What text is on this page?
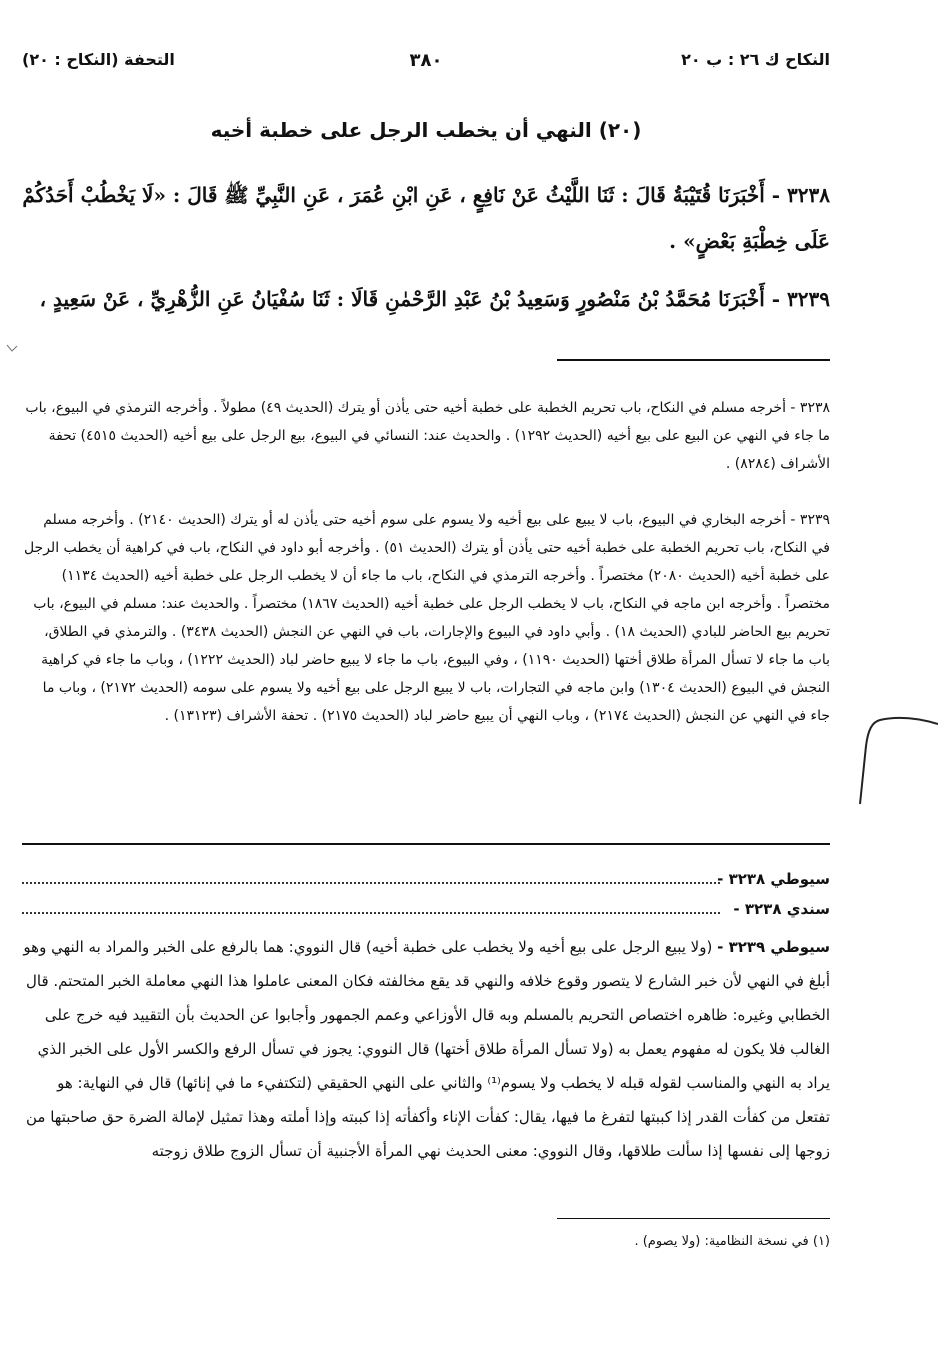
النكاح ك ٢٦ : ب ٢٠
٣٨٠
التحفة (النكاح : ٢٠)
(٢٠) النهي أن يخطب الرجل على خطبة أخيه
٣٢٣٨ - أَخْبَرَنَا قُتَيْبَةُ قَالَ : ثَنَا اللَّيْثُ عَنْ نَافِعٍ ، عَنِ ابْنِ عُمَرَ ، عَنِ النَّبِيِّ ﷺ قَالَ : «لَا يَخْطُبْ أَحَدُكُمْ عَلَى خِطْبَةِ بَعْضٍ» .
٣٢٣٩ - أَخْبَرَنَا مُحَمَّدُ بْنُ مَنْصُورٍ وَسَعِيدُ بْنُ عَبْدِ الرَّحْمٰنِ قَالَا : ثَنَا سُفْيَانُ عَنِ الزُّهْرِيِّ ، عَنْ سَعِيدٍ ،
٣٢٣٨ - أخرجه مسلم في النكاح، باب تحريم الخطبة على خطبة أخيه حتى يأذن أو يترك (الحديث ٤٩) مطولاً . وأخرجه الترمذي في البيوع، باب ما جاء في النهي عن البيع على بيع أخيه (الحديث ١٢٩٢) . والحديث عند: النسائي في البيوع، بيع الرجل على بيع أخيه (الحديث ٤٥١٥) تحفة الأشراف (٨٢٨٤) .
٣٢٣٩ - أخرجه البخاري في البيوع، باب لا يبيع على بيع أخيه ولا يسوم على سوم أخيه حتى يأذن له أو يترك (الحديث ٢١٤٠) . وأخرجه مسلم في النكاح، باب تحريم الخطبة على خطبة أخيه حتى يأذن أو يترك (الحديث ٥١) . وأخرجه أبو داود في النكاح، باب في كراهية أن يخطب الرجل على خطبة أخيه (الحديث ٢٠٨٠) مختصراً . وأخرجه الترمذي في النكاح، باب ما جاء أن لا يخطب الرجل على خطبة أخيه (الحديث ١١٣٤) مختصراً . وأخرجه ابن ماجه في النكاح، باب لا يخطب الرجل على خطبة أخيه (الحديث ١٨٦٧) مختصراً . والحديث عند: مسلم في البيوع، باب تحريم بيع الحاضر للبادي (الحديث ١٨) . وأبي داود في البيوع والإجارات، باب في النهي عن النجش (الحديث ٣٤٣٨) . والترمذي في الطلاق، باب ما جاء لا تسأل المرأة طلاق أختها (الحديث ١١٩٠) ، وفي البيوع، باب ما جاء لا يبيع حاضر لباد (الحديث ١٢٢٢) ، وباب ما جاء في كراهية النجش في البيوع (الحديث ١٣٠٤) وابن ماجه في التجارات، باب لا يبيع الرجل على بيع أخيه ولا يسوم على سومه (الحديث ٢١٧٢) ، وباب ما جاء في النهي عن النجش (الحديث ٢١٧٤) ، وباب النهي أن يبيع حاضر لباد (الحديث ٢١٧٥) . تحفة الأشراف (١٣١٢٣) .
سيوطي ٣٢٣٨ -
سندي ٣٢٣٨ -
سيوطي ٣٢٣٩ - (ولا يبيع الرجل على بيع أخيه ولا يخطب على خطبة أخيه) قال النووي: هما بالرفع على الخبر والمراد به النهي وهو أبلغ في النهي لأن خبر الشارع لا يتصور وقوع خلافه والنهي قد يقع مخالفته فكان المعنى عاملوا هذا النهي معاملة الخبر المتحتم. قال الخطابي وغيره: ظاهره اختصاص التحريم بالمسلم وبه قال الأوزاعي وعمم الجمهور وأجابوا عن الحديث بأن التقييد فيه خرج على الغالب فلا يكون له مفهوم يعمل به (ولا تسأل المرأة طلاق أختها) قال النووي: يجوز في تسأل الرفع والكسر الأول على الخبر الذي يراد به النهي والمناسب لقوله قبله لا يخطب ولا يسوم⁽¹⁾ والثاني على النهي الحقيقي (لتكتفيء ما في إنائها) قال في النهاية: هو تفتعل من كفأت القدر إذا كببتها لتفرغ ما فيها، يقال: كفأت الإناء وأكفأته إذا كببته وإذا أملته وهذا تمثيل لإمالة الضرة حق صاحبتها من زوجها إلى نفسها إذا سألت طلاقها، وقال النووي: معنى الحديث نهي المرأة الأجنبية أن تسأل الزوج طلاق زوجته
(١) في نسخة النظامية: (ولا يصوم) .
